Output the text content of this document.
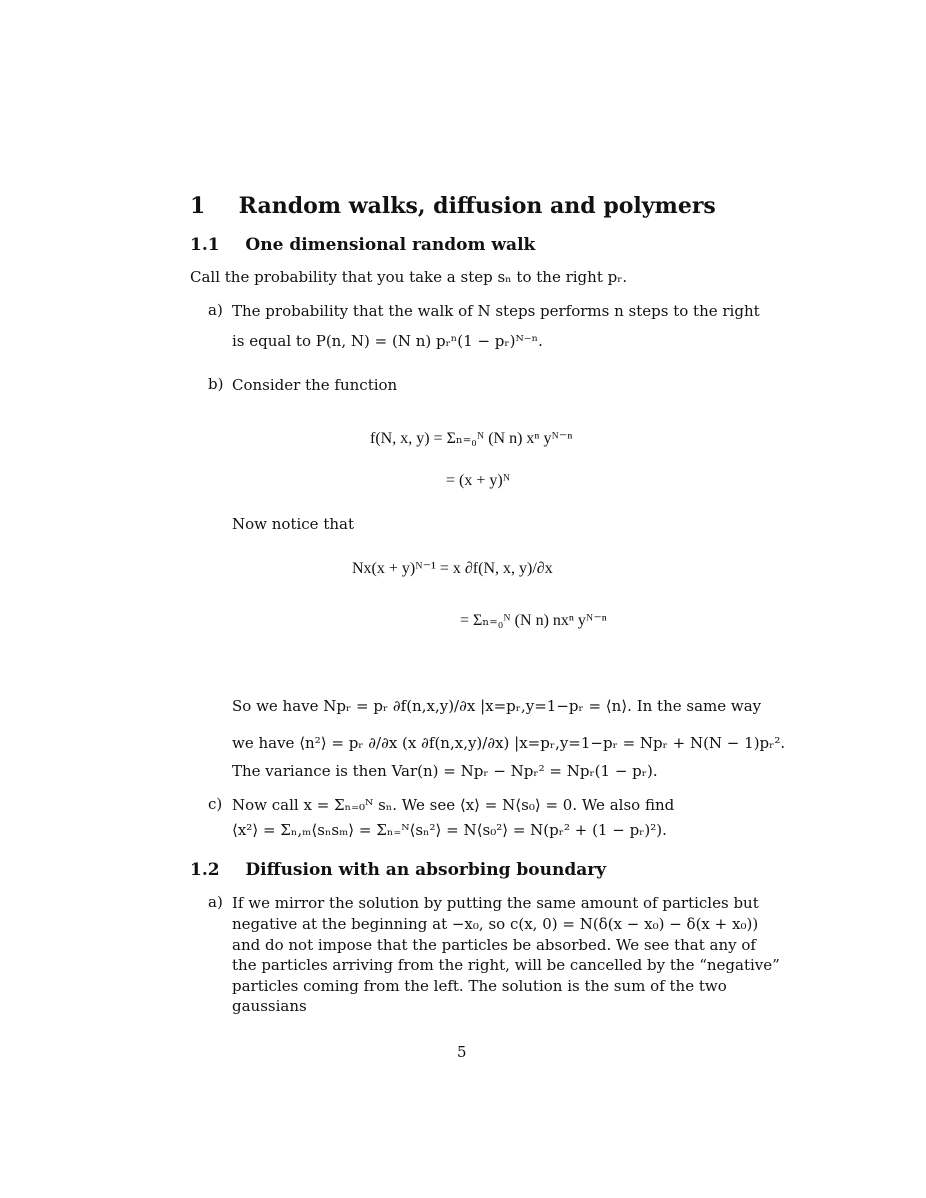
1 Random walks, diffusion and polymers
1.1 One dimensional random walk
Call the probability that you take a step sₙ to the right pᵣ.
a) The probability that the walk of N steps performs n steps to the right
is equal to P(n, N) = (N n) pᵣⁿ(1 − pᵣ)ᴺ⁻ⁿ.
b) Consider the function
f(N, x, y) = Σₙ₌₀ᴺ (N n) xⁿ yᴺ⁻ⁿ
= (x + y)ᴺ
Now notice that
Nx(x + y)ᴺ⁻¹ = x ∂f(N, x, y)/∂x
= Σₙ₌₀ᴺ (N n) nxⁿ yᴺ⁻ⁿ
So we have Npᵣ = pᵣ ∂f(n,x,y)/∂x |x=pᵣ,y=1−pᵣ = ⟨n⟩. In the same way
we have ⟨n²⟩ = pᵣ ∂/∂x (x ∂f(n,x,y)/∂x) |x=pᵣ,y=1−pᵣ = Npᵣ + N(N − 1)pᵣ².
The variance is then Var(n) = Npᵣ − Npᵣ² = Npᵣ(1 − pᵣ).
c) Now call x = Σₙ₌₀ᴺ sₙ. We see ⟨x⟩ = N⟨s₀⟩ = 0. We also find
⟨x²⟩ = Σₙ,ₘ⟨sₙsₘ⟩ = Σₙ₌ᴺ⟨sₙ²⟩ = N⟨s₀²⟩ = N(pᵣ² + (1 − pᵣ)²).
1.2 Diffusion with an absorbing boundary
a) If we mirror the solution by putting the same amount of particles but
negative at the beginning at −x₀, so c(x, 0) = N(δ(x − x₀) − δ(x + x₀))
and do not impose that the particles be absorbed. We see that any of
the particles arriving from the right, will be cancelled by the “negative”
particles coming from the left. The solution is the sum of the two
gaussians
5
